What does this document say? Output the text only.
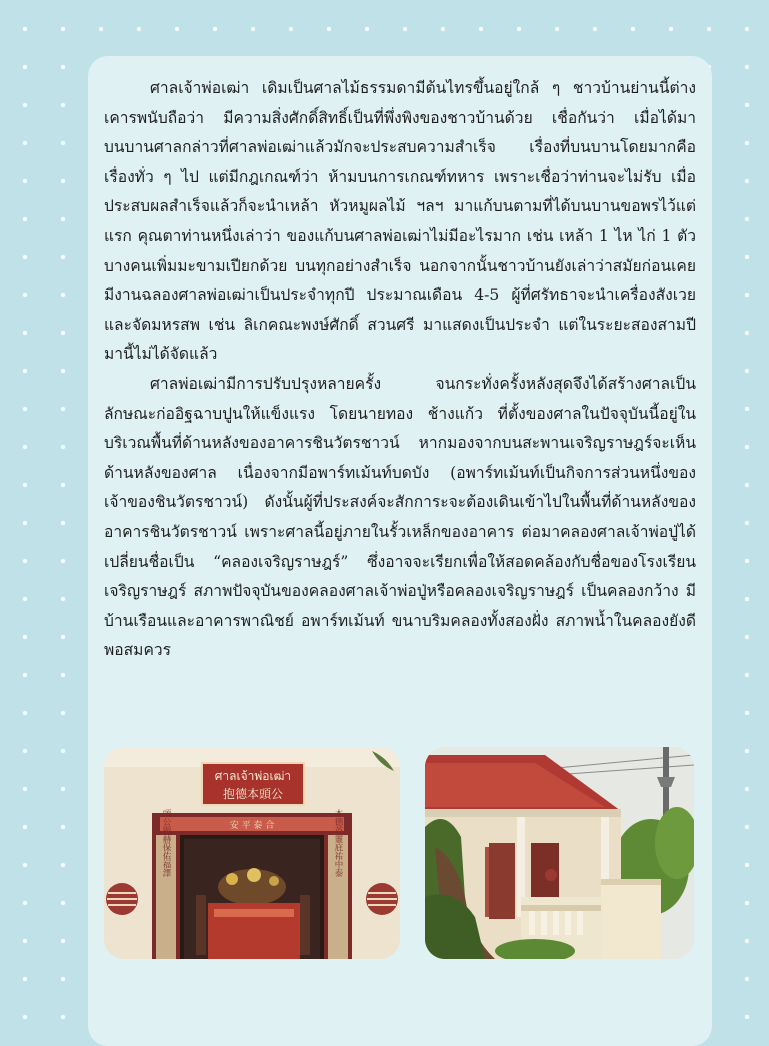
ศาลเจ้าพ่อเฒ่า เดิมเป็นศาลไม้ธรรมดามีต้นไทรขึ้นอยู่ใกล้ ๆ ชาวบ้านย่านนี้ต่างเคารพนับถือว่า มีความสิ่งศักดิ์สิทธิ์เป็นที่พึ่งพิงของชาวบ้านด้วย เชื่อกันว่า เมื่อได้มาบนบานศาลกล่าวที่ศาลพ่อเฒ่าแล้วมักจะประสบความสำเร็จ เรื่องที่บนบานโดยมากคือ เรื่องทั่ว ๆ ไป แต่มีกฎเกณฑ์ว่า ห้ามบนการเกณฑ์ทหาร เพราะเชื่อว่าท่านจะไม่รับ เมื่อประสบผลสำเร็จแล้วก็จะนำเหล้า หัวหมูผลไม้ ฯลฯ มาแก้บนตามที่ได้บนบานขอพรไว้แต่แรก คุณตาท่านหนึ่งเล่าว่า ของแก้บนศาลพ่อเฒ่าไม่มีอะไรมาก เช่น เหล้า 1 ไห ไก่ 1 ตัว บางคนเพิ่มมะขามเปียกด้วย บนทุกอย่างสำเร็จ นอกจากนั้นชาวบ้านยังเล่าว่าสมัยก่อนเคยมีงานฉลองศาลพ่อเฒ่าเป็นประจำทุกปี ประมาณเดือน 4-5 ผู้ที่ศรัทธาจะนำเครื่องสังเวยและจัดมหรสพ เช่น ลิเกคณะพงษ์ศักดิ์ สวนศรี มาแสดงเป็นประจำ แต่ในระยะสองสามปีมานี้ไม่ได้จัดแล้ว

ศาลพ่อเฒ่ามีการปรับปรุงหลายครั้ง จนกระทั่งครั้งหลังสุดจึงได้สร้างศาลเป็นลักษณะก่ออิฐฉาบปูนให้แข็งแรง โดยนายทอง ช้างแก้ว ที่ตั้งของศาลในปัจจุบันนี้อยู่ในบริเวณพื้นที่ด้านหลังของอาคารชินวัตรชาวน์ หากมองจากบนสะพานเจริญราษฎร์จะเห็นด้านหลังของศาล เนื่องจากมีอพาร์ทเม้นท์บดบัง (อพาร์ทเม้นท์เป็นกิจการส่วนหนึ่งของเจ้าของชินวัตรชาวน์) ดังนั้นผู้ที่ประสงค์จะสักการะจะต้องเดินเข้าไปในพื้นที่ด้านหลังของอาคารชินวัตรชาวน์ เพราะศาลนี้อยู่ภายในรั้วเหล็กของอาคาร ต่อมาคลองศาลเจ้าพ่อปู่ได้เปลี่ยนชื่อเป็น “คลองเจริญราษฎร์” ซึ่งอาจจะเรียกเพื่อให้สอดคล้องกับชื่อของโรงเรียนเจริญราษฎร์ สภาพปัจจุบันของคลองศาลเจ้าพ่อปู่หรือคลองเจริญราษฎร์ เป็นคลองกว้าง มีบ้านเรือนและอาคารพาณิชย์ อพาร์ทเม้นท์ ขนาบริมคลองทั้งสองฝั่ง สภาพน้ำในคลองยังดีพอสมควร

ศาลเจ้าพ่อเฒ่า
抱德本頭公
安 平 泰 合
頭公顯赫保佑福澤	本德英靈庇祐中泰
